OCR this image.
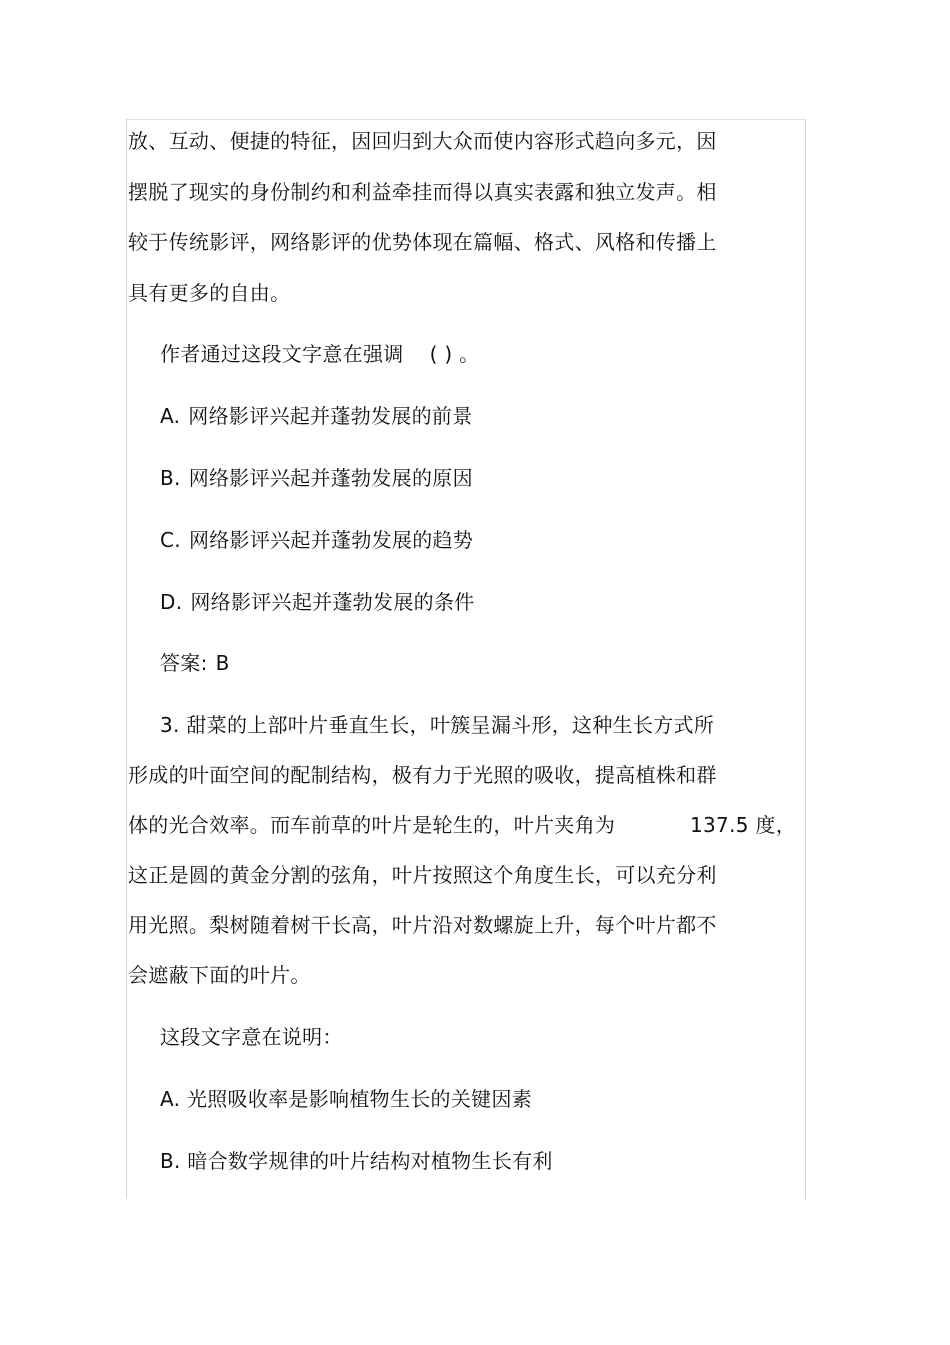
放、互动、便捷的特征，因回归到大众而使内容形式趋向多元，因
摆脱了现实的身份制约和利益牵挂而得以真实表露和独立发声。相
较于传统影评，网络影评的优势体现在篇幅、格式、风格和传播上
具有更多的自由。
作者通过这段文字意在强调 ( ) 。
A. 网络影评兴起并蓬勃发展的前景
B. 网络影评兴起并蓬勃发展的原因
C. 网络影评兴起并蓬勃发展的趋势
D. 网络影评兴起并蓬勃发展的条件
答案: B
3. 甜菜的上部叶片垂直生长，叶簇呈漏斗形，这种生长方式所
形成的叶面空间的配制结构，极有力于光照的吸收，提高植株和群
体的光合效率。而车前草的叶片是轮生的，叶片夹角为	137.5 度，
这正是圆的黄金分割的弦角，叶片按照这个角度生长，可以充分利
用光照。梨树随着树干长高，叶片沿对数螺旋上升，每个叶片都不
会遮蔽下面的叶片。
这段文字意在说明：
A. 光照吸收率是影响植物生长的关键因素
B. 暗合数学规律的叶片结构对植物生长有利
